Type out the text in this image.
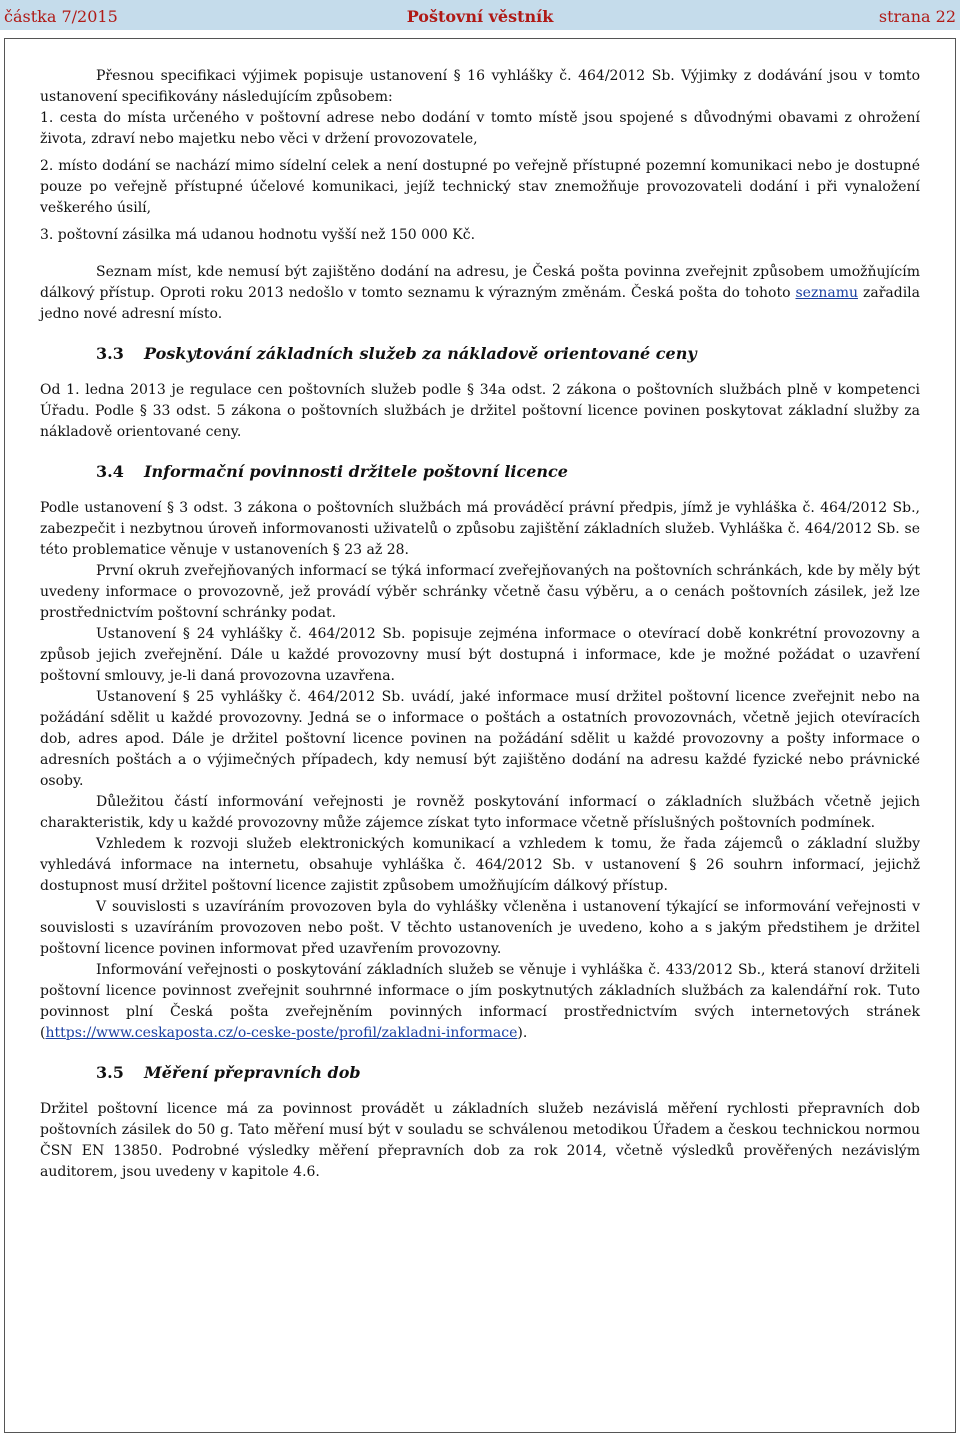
Poštovní věstník
částka 7/2015	strana 22

Přesnou specifikaci výjimek popisuje ustanovení § 16 vyhlášky č. 464/2012 Sb. Výjimky z dodávání jsou v tomto ustanovení specifikovány následujícím způsobem:

1. cesta do místa určeného v poštovní adrese nebo dodání v tomto místě jsou spojené s důvodnými obavami z ohrožení života, zdraví nebo majetku nebo věci v držení provozovatele,
2. místo dodání se nachází mimo sídelní celek a není dostupné po veřejně přístupné pozemní komunikaci nebo je dostupné pouze po veřejně přístupné účelové komunikaci, jejíž technický stav znemožňuje provozovateli dodání i při vynaložení veškerého úsilí,
3. poštovní zásilka má udanou hodnotu vyšší než 150 000 Kč.

Seznam míst, kde nemusí být zajištěno dodání na adresu, je Česká pošta povinna zveřejnit způsobem umožňujícím dálkový přístup. Oproti roku 2013 nedošlo v tomto seznamu k výrazným změnám. Česká pošta do tohoto seznamu zařadila jedno nové adresní místo.

3.3 Poskytování základních služeb za nákladově orientované ceny

Od 1. ledna 2013 je regulace cen poštovních služeb podle § 34a odst. 2 zákona o poštovních službách plně v kompetenci Úřadu. Podle § 33 odst. 5 zákona o poštovních službách je držitel poštovní licence povinen poskytovat základní služby za nákladově orientované ceny.

3.4 Informační povinnosti držitele poštovní licence

Podle ustanovení § 3 odst. 3 zákona o poštovních službách má prováděcí právní předpis, jímž je vyhláška č. 464/2012 Sb., zabezpečit i nezbytnou úroveň informovanosti uživatelů o způsobu zajištění základních služeb. Vyhláška č. 464/2012 Sb. se této problematice věnuje v ustanoveních § 23 až 28.

První okruh zveřejňovaných informací se týká informací zveřejňovaných na poštovních schránkách, kde by měly být uvedeny informace o provozovně, jež provádí výběr schránky včetně času výběru, a o cenách poštovních zásilek, jež lze prostřednictvím poštovní schránky podat.

Ustanovení § 24 vyhlášky č. 464/2012 Sb. popisuje zejména informace o otevírací době konkrétní provozovny a způsob jejich zveřejnění. Dále u každé provozovny musí být dostupná i informace, kde je možné požádat o uzavření poštovní smlouvy, je-li daná provozovna uzavřena.

Ustanovení § 25 vyhlášky č. 464/2012 Sb. uvádí, jaké informace musí držitel poštovní licence zveřejnit nebo na požádání sdělit u každé provozovny. Jedná se o informace o poštách a ostatních provozovnách, včetně jejich otevíracích dob, adres apod. Dále je držitel poštovní licence povinen na požádání sdělit u každé provozovny a pošty informace o adresních poštách a o výjimečných případech, kdy nemusí být zajištěno dodání na adresu každé fyzické nebo právnické osoby.

Důležitou částí informování veřejnosti je rovněž poskytování informací o základních službách včetně jejich charakteristik, kdy u každé provozovny může zájemce získat tyto informace včetně příslušných poštovních podmínek.

Vzhledem k rozvoji služeb elektronických komunikací a vzhledem k tomu, že řada zájemců o základní služby vyhledává informace na internetu, obsahuje vyhláška č. 464/2012 Sb. v ustanovení § 26 souhrn informací, jejichž dostupnost musí držitel poštovní licence zajistit způsobem umožňujícím dálkový přístup.

V souvislosti s uzavíráním provozoven byla do vyhlášky včleněna i ustanovení týkající se informování veřejnosti v souvislosti s uzavíráním provozoven nebo pošt. V těchto ustanoveních je uvedeno, koho a s jakým předstihem je držitel poštovní licence povinen informovat před uzavřením provozovny.

Informování veřejnosti o poskytování základních služeb se věnuje i vyhláška č. 433/2012 Sb., která stanoví držiteli poštovní licence povinnost zveřejnit souhrnné informace o jím poskytnutých základních službách za kalendářní rok. Tuto povinnost plní Česká pošta zveřejněním povinných informací prostřednictvím svých internetových stránek (https://www.ceskaposta.cz/o-ceske-poste/profil/zakladni-informace).

3.5 Měření přepravních dob

Držitel poštovní licence má za povinnost provádět u základních služeb nezávislá měření rychlosti přepravních dob poštovních zásilek do 50 g. Tato měření musí být v souladu se schválenou metodikou Úřadem a českou technickou normou ČSN EN 13850. Podrobné výsledky měření přepravních dob za rok 2014, včetně výsledků prověřených nezávislým auditorem, jsou uvedeny v kapitole 4.6.
